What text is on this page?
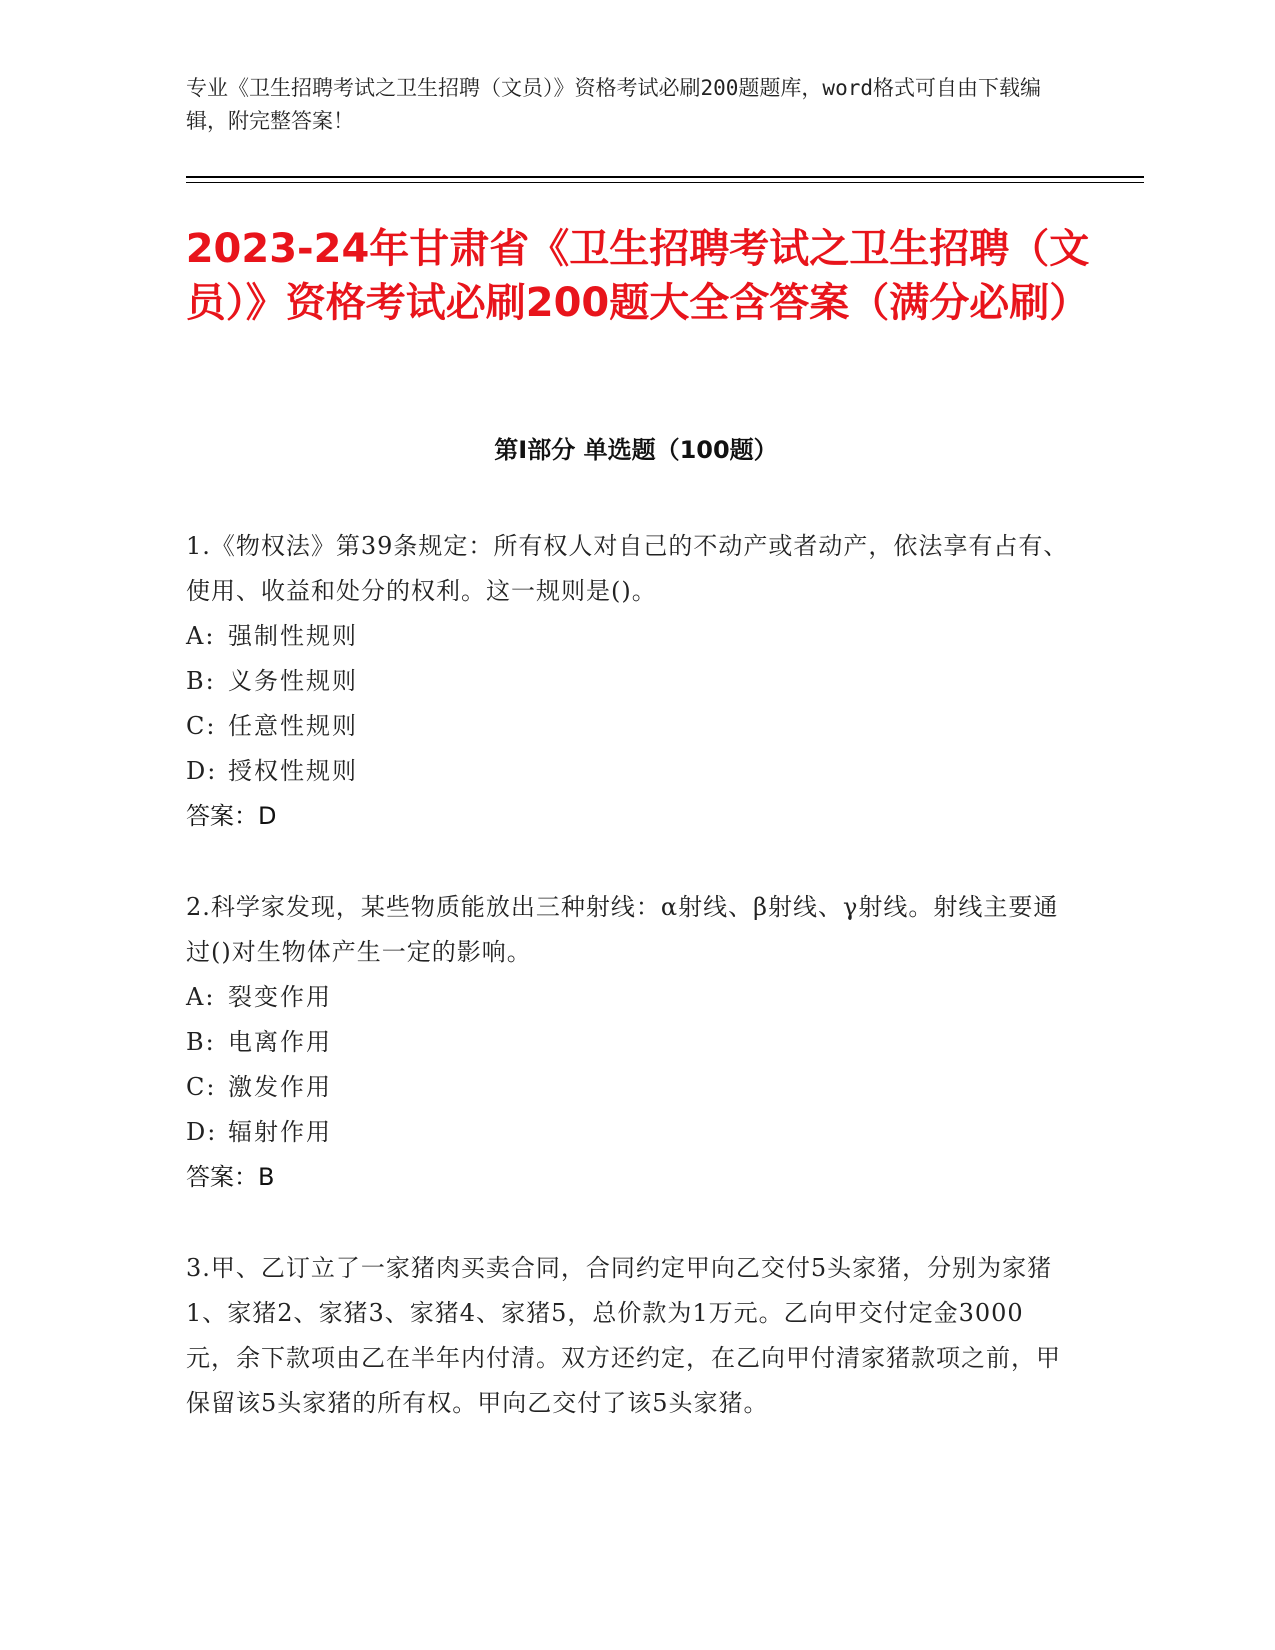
专业《卫生招聘考试之卫生招聘（文员）》资格考试必刷200题题库，word格式可自由下载编辑，附完整答案！
2023-24年甘肃省《卫生招聘考试之卫生招聘（文员）》资格考试必刷200题大全含答案（满分必刷）
第I部分 单选题（100题）

1.《物权法》第39条规定：所有权人对自己的不动产或者动产，依法享有占有、使用、收益和处分的权利。这一规则是()。

A: 强制性规则

B: 义务性规则

C: 任意性规则

D: 授权性规则

答案：D

2.科学家发现，某些物质能放出三种射线：α射线、β射线、γ射线。射线主要通过()对生物体产生一定的影响。

A: 裂变作用

B: 电离作用

C: 激发作用

D: 辐射作用

答案：B

3.甲、乙订立了一家猪肉买卖合同，合同约定甲向乙交付5头家猪，分别为家猪1、家猪2、家猪3、家猪4、家猪5，总价款为1万元。乙向甲交付定金3000元，余下款项由乙在半年内付清。双方还约定，在乙向甲付清家猪款项之前，甲保留该5头家猪的所有权。甲向乙交付了该5头家猪。
